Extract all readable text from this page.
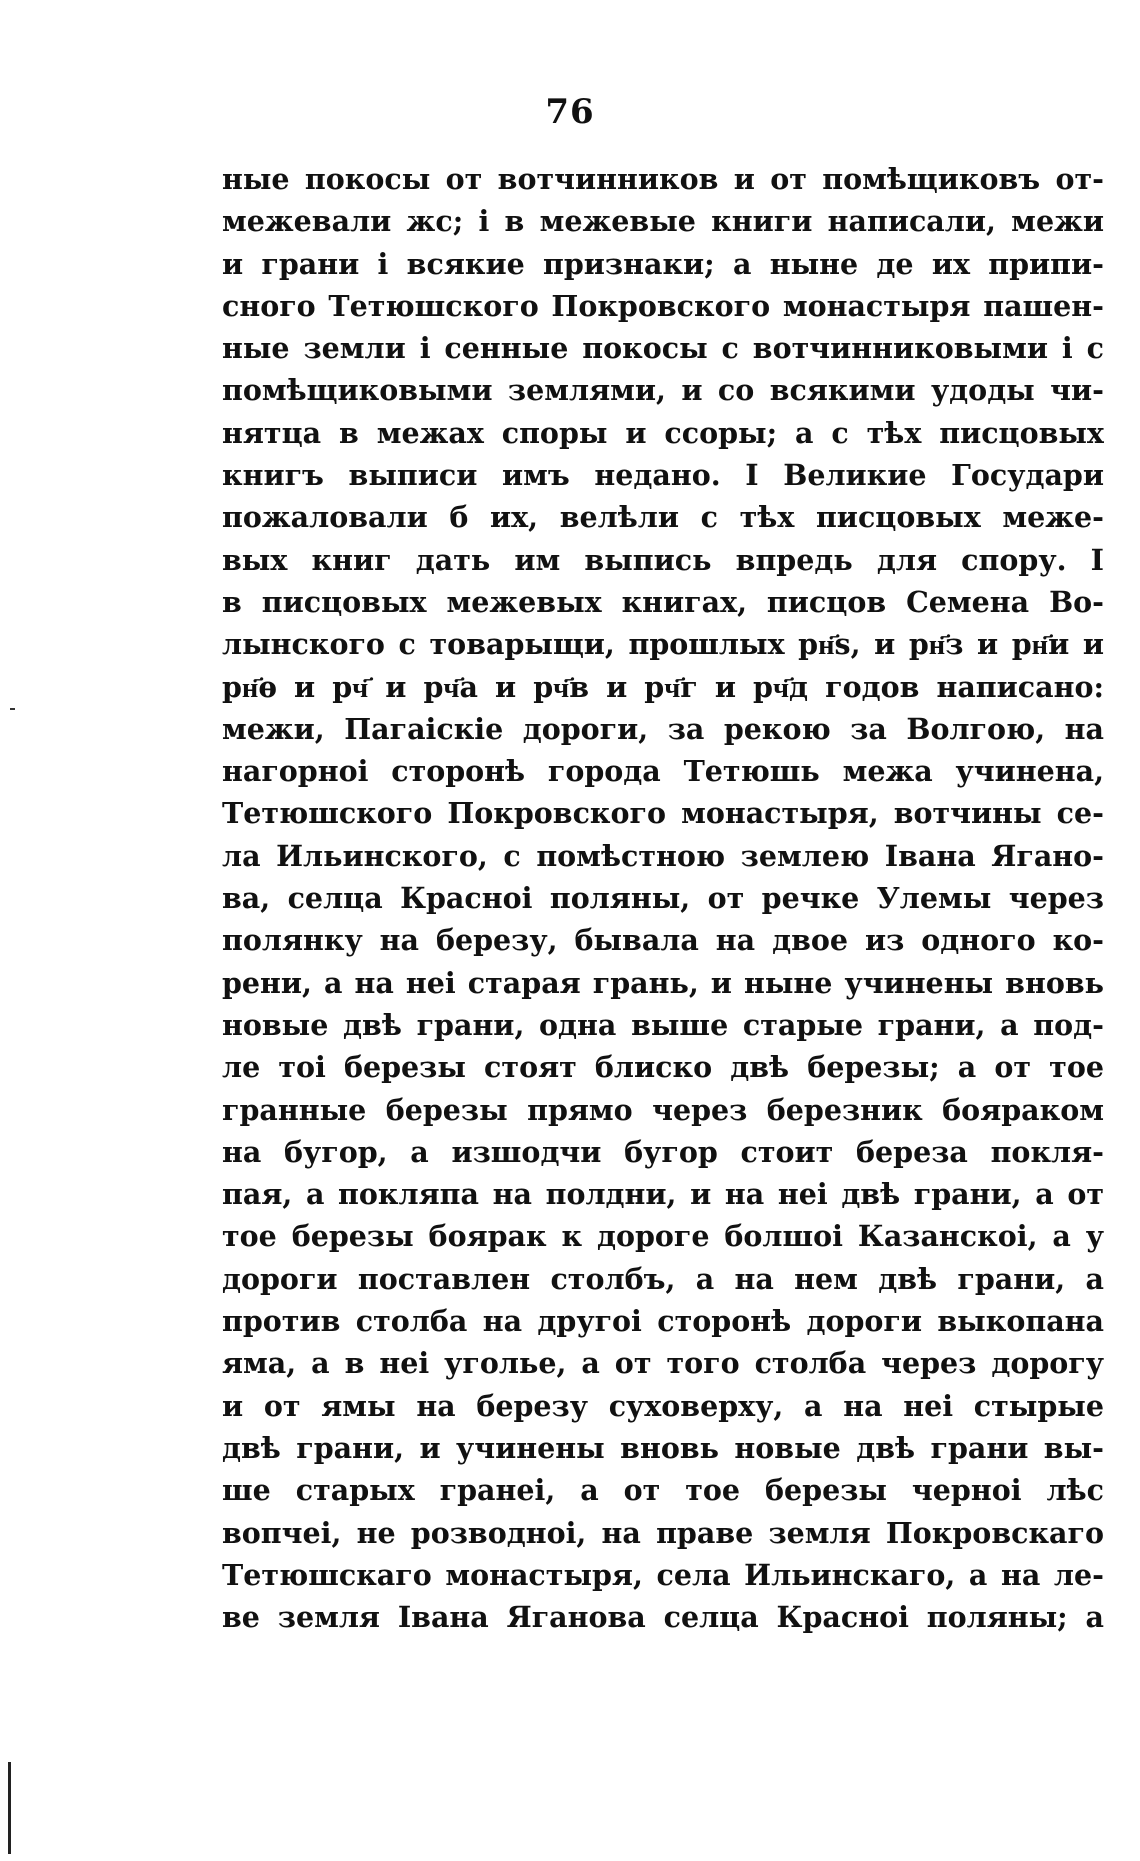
76
ные покосы от вотчинников и от помѣщиковъ от-
межевали жс; і в межевые книги написали, межи
и грани і всякие признаки; а ныне де их припи-
сного Тетюшского Покровского монастыря пашен-
ные земли і сенные покосы с вотчинниковыми і с
помѣщиковыми землями, и со всякими удоды чи-
нятца в межах споры и ссоры; а с тѣх писцовых
книгъ выписи имъ недано. І Великие Государи
пожаловали б их, велѣли с тѣх писцовых меже-
вых книг дать им выпись впредь для спору. І
в писцовых межевых книгах, писцов Семена Во-
лынского с товарыщи, прошлых рн҃ѕ, и рн҃з и рн҃и и
рн҃ѳ и рч҃ и рч҃а и рч҃в и рч҃г и рч҃д годов написано:
межи, Пагаіскіе дороги, за рекою за Волгою, на
нагорноі сторонѣ города Тетюшь межа учинена,
Тетюшского Покровского монастыря, вотчины се-
ла Ильинского, с помѣстною землею Івана Ягано-
ва, селца Красноі поляны, от речке Улемы через
полянку на березу, бывала на двое из одного ко-
рени, а на неі старая грань, и ныне учинены вновь
новые двѣ грани, одна выше старые грани, а под-
ле тоі березы стоят блиско двѣ березы; а от тое
гранные березы прямо через березник бояраком
на бугор, а изшодчи бугор стоит береза покля-
пая, а покляпа на полдни, и на неі двѣ грани, а от
тое березы боярак к дороге болшоі Казанскоі, а у
дороги поставлен столбъ, а на нем двѣ грани, а
против столба на другоі сторонѣ дороги выкопана
яма, а в неі уголье, а от того столба через дорогу
и от ямы на березу суховерху, а на неі стырые
двѣ грани, и учинены вновь новые двѣ грани вы-
ше старых гранеі, а от тое березы черноі лѣс
вопчеі, не розводноі, на праве земля Покровскаго
Тетюшскаго монастыря, села Ильинскаго, а на ле-
ве земля Івана Яганова селца Красноі поляны; а
